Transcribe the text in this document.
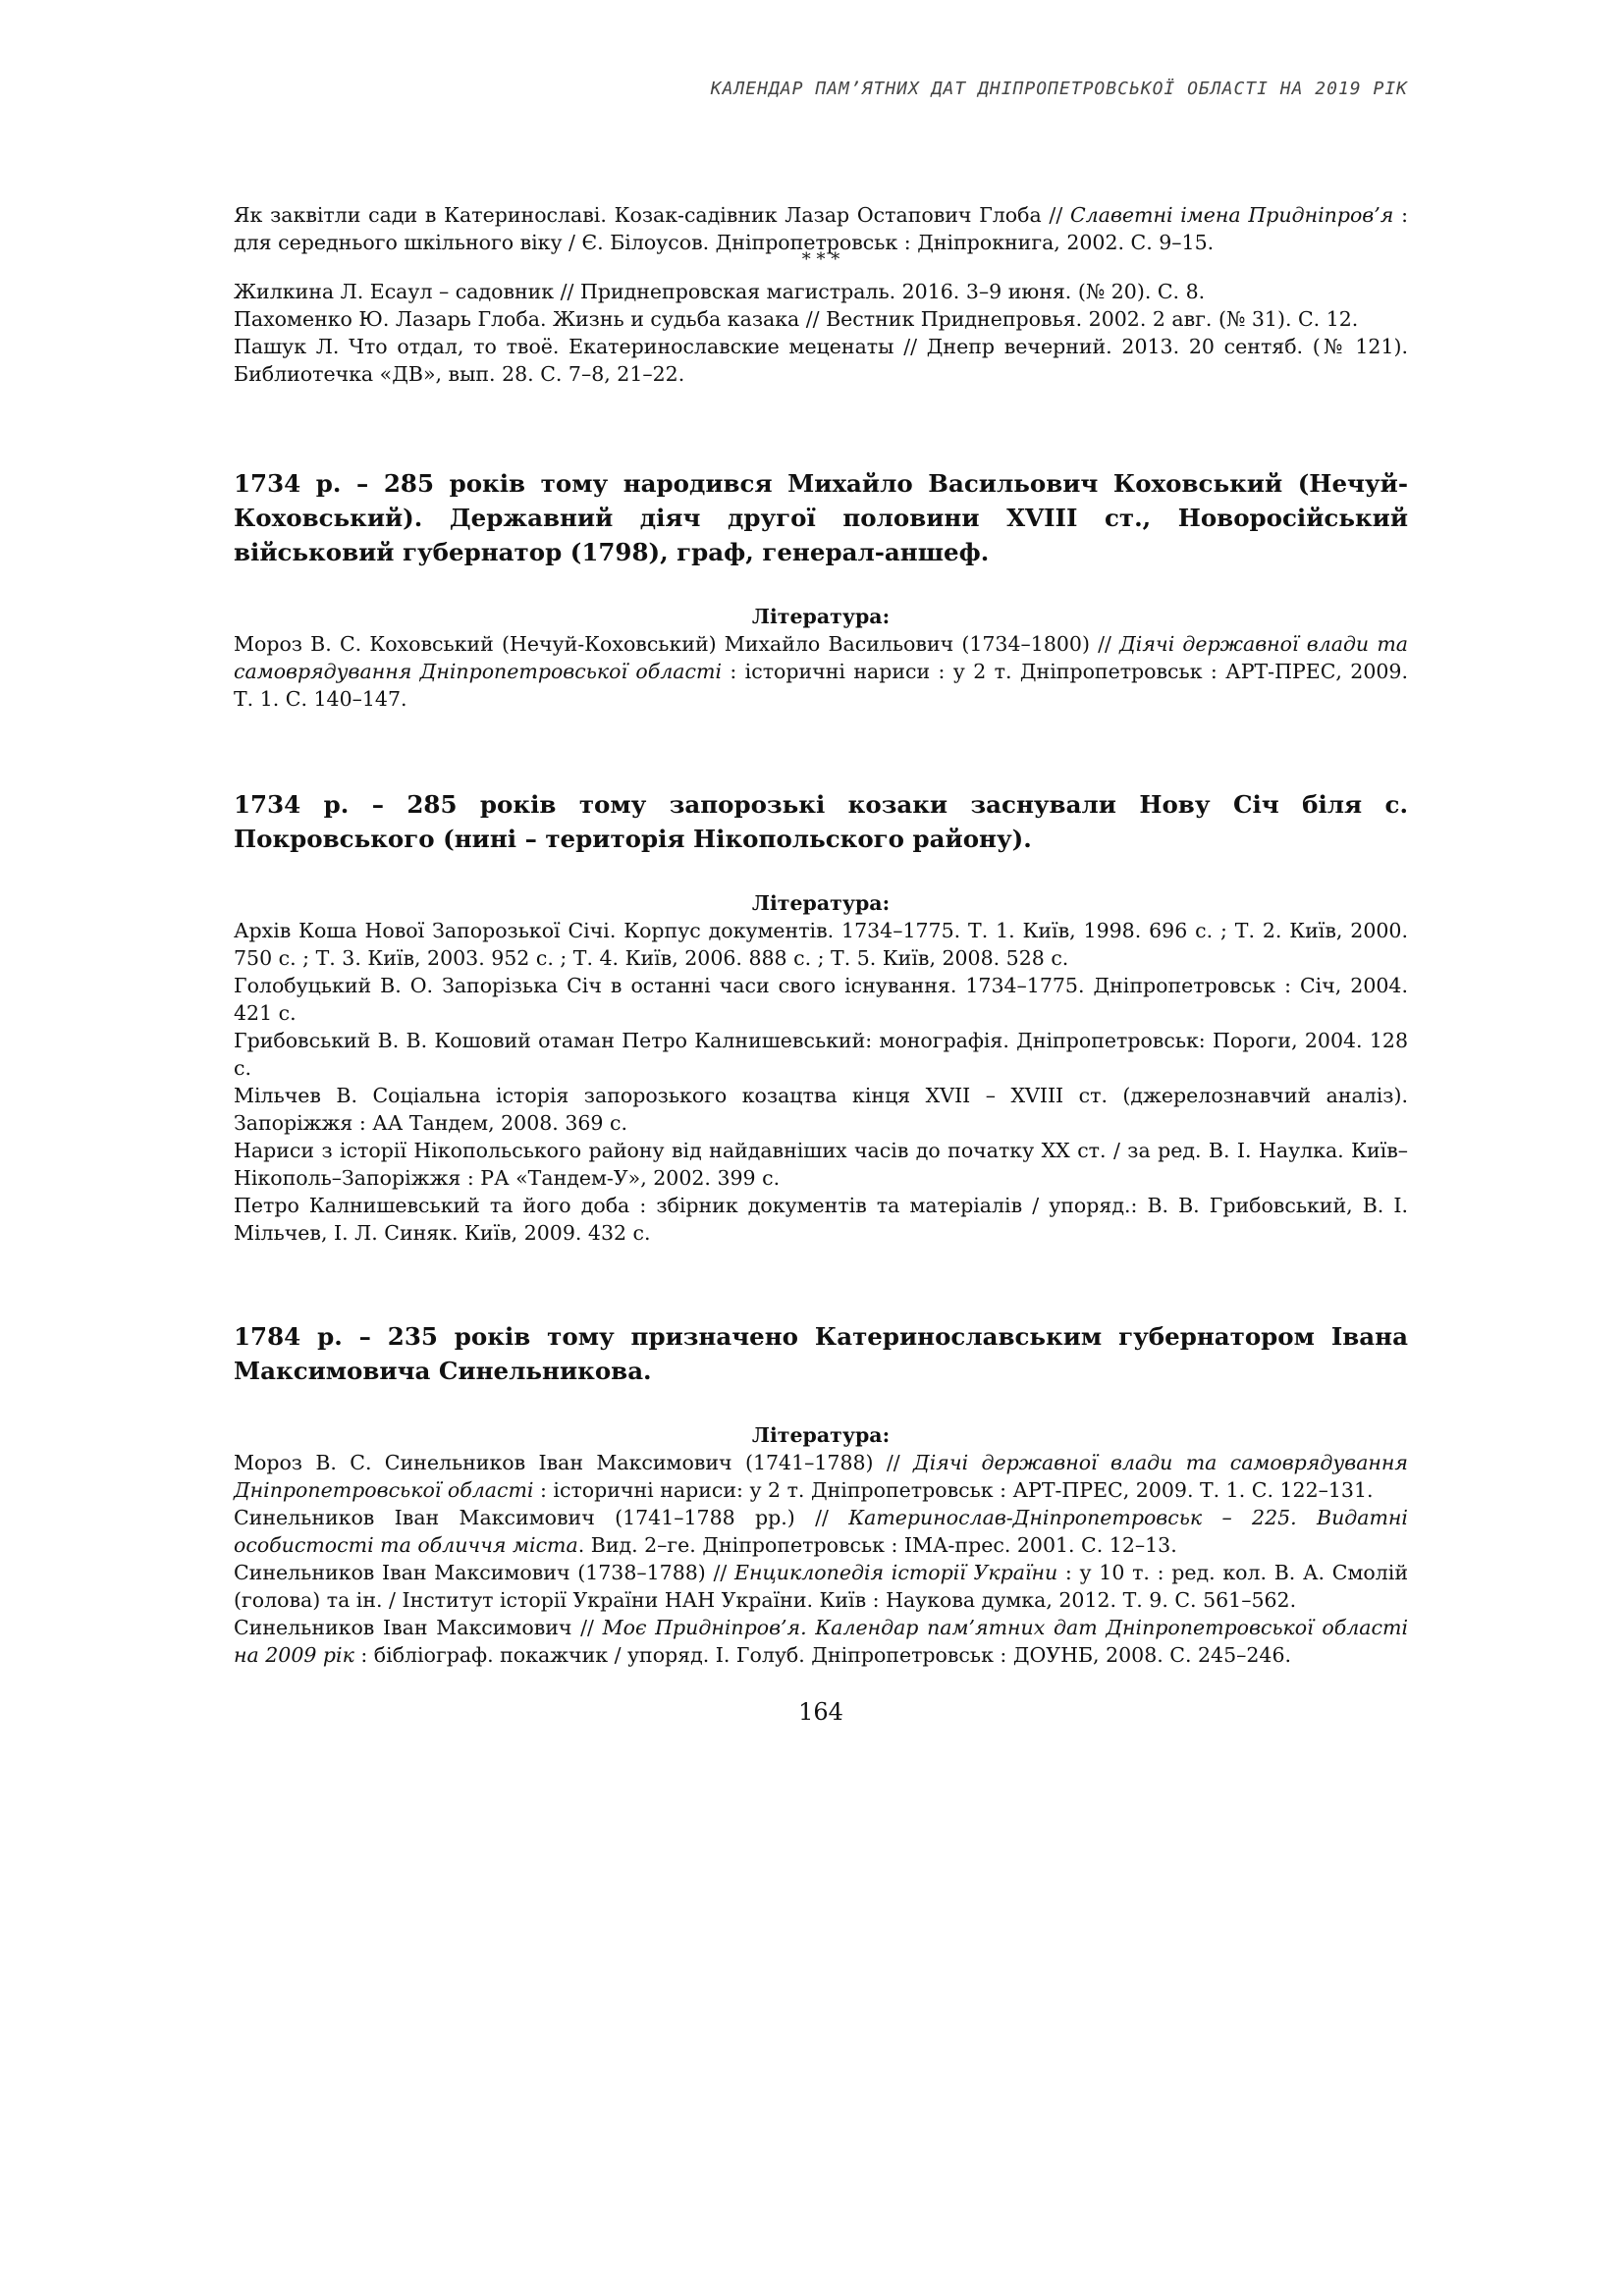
КАЛЕНДАР ПАМ’ЯТНИХ ДАТ ДНІПРОПЕТРОВСЬКОЇ ОБЛАСТІ НА 2019 РІК

Як заквітли сади в Катеринославі. Козак-садівник Лазар Остапович Глоба // Славетні імена Придніпров’я : для середнього шкільного віку / Є. Білоусов. Дніпропетровськ : Дніпрокнига, 2002. С. 9–15.

* * *

Жилкина Л. Есаул – садовник // Приднепровская магистраль. 2016. 3–9 июня. (№ 20). С. 8.

Пахоменко Ю. Лазарь Глоба. Жизнь и судьба казака // Вестник Приднепровья. 2002. 2 авг. (№ 31). С. 12.

Пашук Л. Что отдал, то твоё. Екатеринославские меценаты // Днепр вечерний. 2013. 20 сентяб. (№ 121). Библиотечка «ДВ», вып. 28. С. 7–8, 21–22.

1734 р. – 285 років тому народився Михайло Васильович Коховський (Нечуй-Коховський). Державний діяч другої половини XVIII ст., Новоросійський військовий губернатор (1798), граф, генерал-аншеф.

Література:

Мороз В. С. Коховський (Нечуй-Коховський) Михайло Васильович (1734–1800) // Діячі державної влади та самоврядування Дніпропетровської області : історичні нариси : у 2 т. Дніпропетровськ : АРТ-ПРЕС, 2009. Т. 1. С. 140–147.

1734 р. – 285 років тому запорозькі козаки заснували Нову Січ біля с. Покровського (нині – територія Нікопольского району).

Література:

Архів Коша Нової Запорозької Січі. Корпус документів. 1734–1775. Т. 1. Київ, 1998. 696 с. ; Т. 2. Київ, 2000. 750 с. ; Т. 3. Київ, 2003. 952 с. ; Т. 4. Київ, 2006. 888 с. ; Т. 5. Київ, 2008. 528 с.

Голобуцький В. О. Запорізька Січ в останні часи свого існування. 1734–1775. Дніпропетровськ : Січ, 2004. 421 с.

Грибовський В. В. Кошовий отаман Петро Калнишевський: монографія. Дніпропетровськ: Пороги, 2004. 128 с.

Мільчев В. Соціальна історія запорозького козацтва кінця XVII – XVIII ст. (джерелознавчий аналіз). Запоріжжя : АА Тандем, 2008. 369 с.

Нариси з історії Нікопольського району від найдавніших часів до початку XX ст. / за ред. В. І. Наулка. Київ–Нікополь–Запоріжжя : РА «Тандем-У», 2002. 399 с.

Петро Калнишевський та його доба : збірник документів та матеріалів / упоряд.: В. В. Грибовський, В. І. Мільчев, І. Л. Синяк. Київ, 2009. 432 с.

1784 р. – 235 років тому призначено Катеринославським губернатором Івана Максимовича Синельникова.

Література:

Мороз В. С. Синельников Іван Максимович (1741–1788) // Діячі державної влади та самоврядування Дніпропетровської області : історичні нариси: у 2 т. Дніпропетровськ : АРТ-ПРЕС, 2009. Т. 1. С. 122–131.

Синельников Іван Максимович (1741–1788 рр.) // Катеринослав-Дніпропетровськ – 225. Видатні особистості та обличчя міста. Вид. 2–ге. Дніпропетровськ : ІМА-прес. 2001. С. 12–13.

Синельников Іван Максимович (1738–1788) // Енциклопедія історії України : у 10 т. : ред. кол. В. А. Смолій (голова) та ін. / Інститут історії України НАН України. Київ : Наукова думка, 2012. Т. 9. С. 561–562.

Синельников Іван Максимович // Моє Придніпров’я. Календар пам’ятних дат Дніпропетровської області на 2009 рік : бібліограф. покажчик / упоряд. І. Голуб. Дніпропетровськ : ДОУНБ, 2008. С. 245–246.

164
